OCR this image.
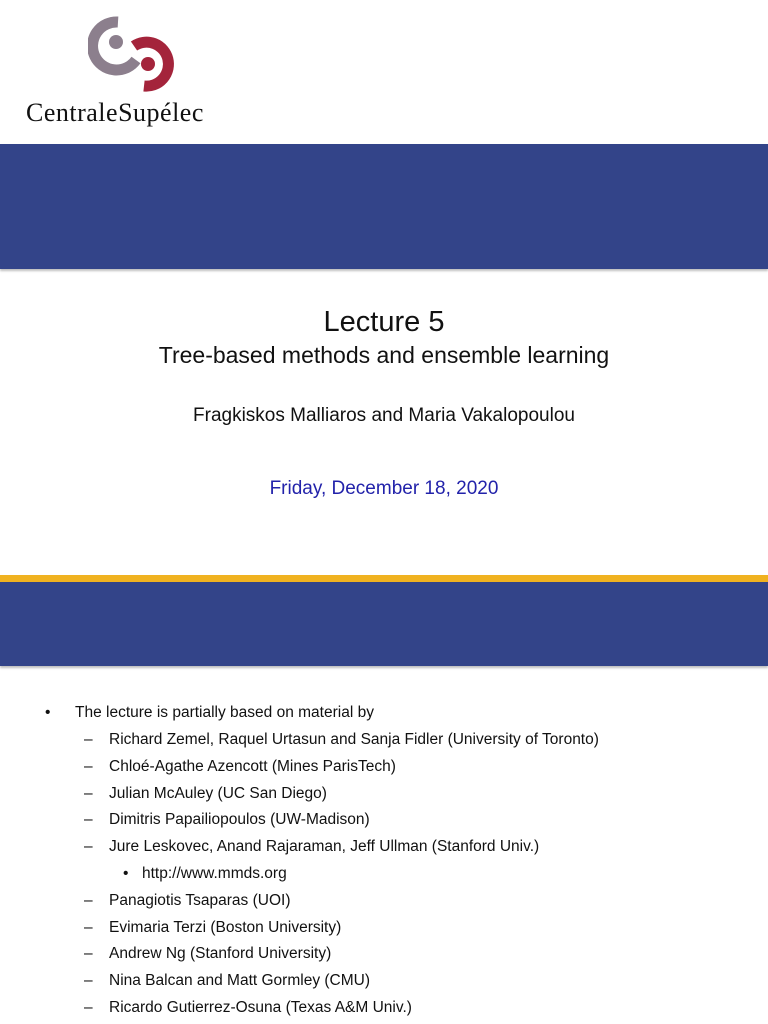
CentraleSupélec
Lecture 5
Tree-based methods and ensemble learning
Fragkiskos Malliaros and Maria Vakalopoulou
Friday, December 18, 2020
• The lecture is partially based on material by
– Richard Zemel, Raquel Urtasun and Sanja Fidler (University of Toronto)
– Chloé-Agathe Azencott (Mines ParisTech)
– Julian McAuley (UC San Diego)
– Dimitris Papailiopoulos (UW-Madison)
– Jure Leskovec, Anand Rajaraman, Jeff Ullman (Stanford Univ.)
• http://www.mmds.org
– Panagiotis Tsaparas (UOI)
– Evimaria Terzi (Boston University)
– Andrew Ng (Stanford University)
– Nina Balcan and Matt Gormley (CMU)
– Ricardo Gutierrez-Osuna (Texas A&M Univ.)
